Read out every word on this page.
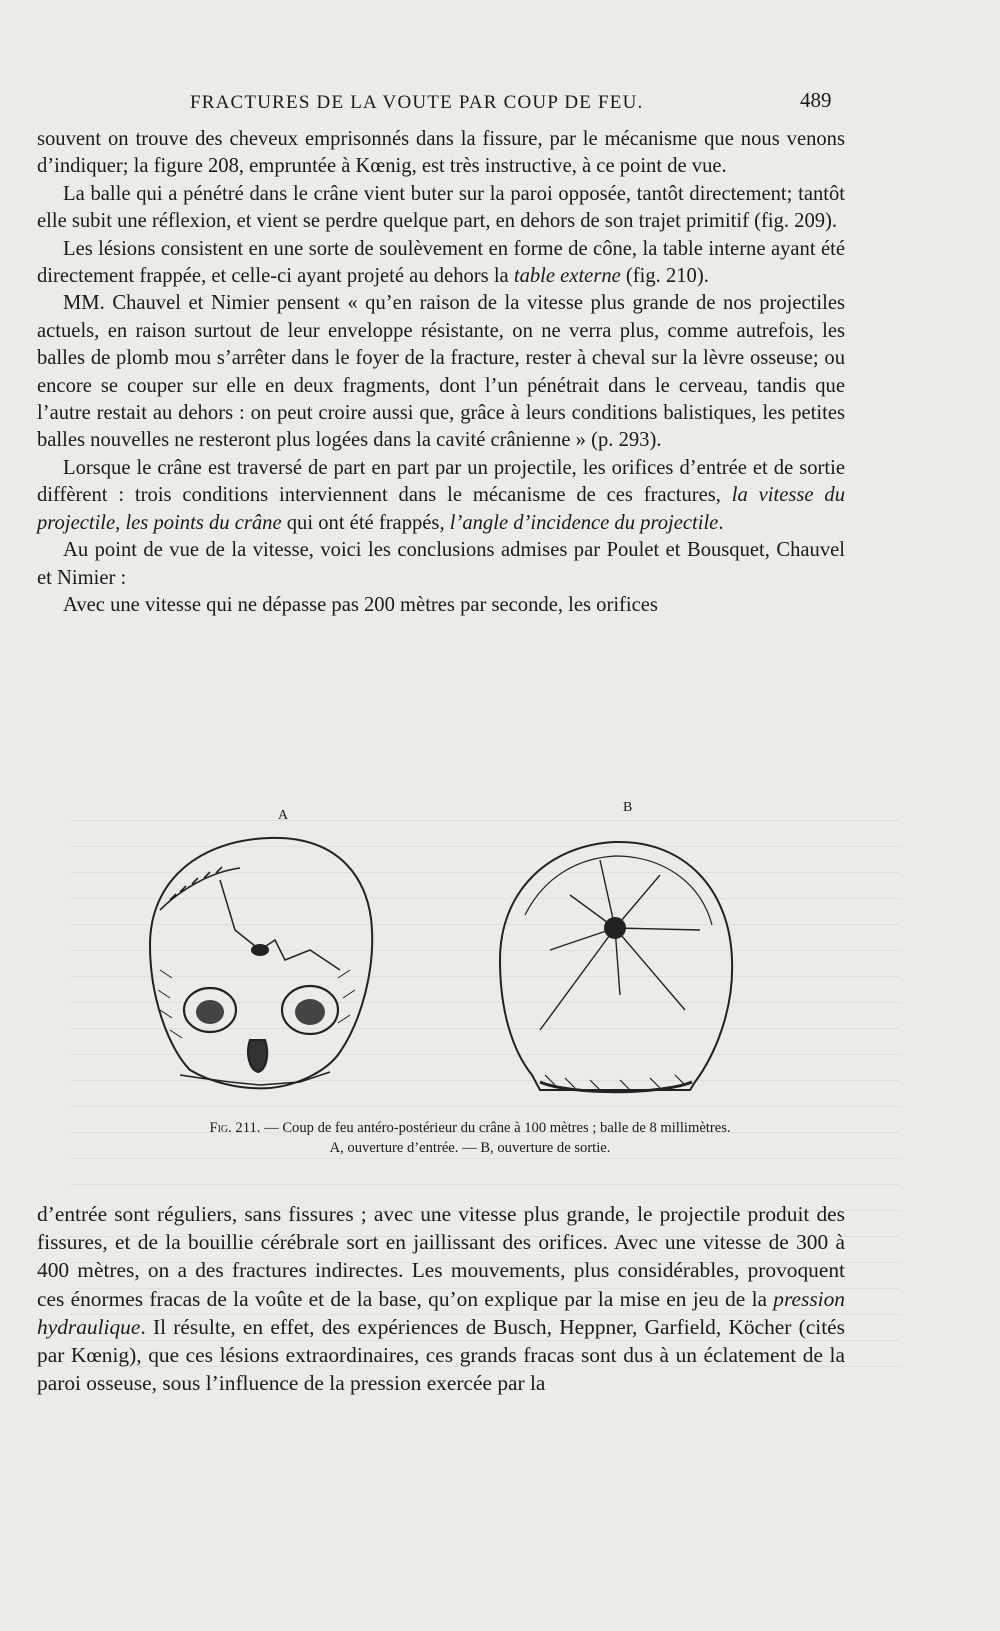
FRACTURES DE LA VOUTE PAR COUP DE FEU.	489

souvent on trouve des cheveux emprisonnés dans la fissure, par le mécanisme que nous venons d’indiquer; la figure 208, empruntée à Kœnig, est très instructive, à ce point de vue.

La balle qui a pénétré dans le crâne vient buter sur la paroi opposée, tantôt directement; tantôt elle subit une réflexion, et vient se perdre quelque part, en dehors de son trajet primitif (fig. 209).

Les lésions consistent en une sorte de soulèvement en forme de cône, la table interne ayant été directement frappée, et celle-ci ayant projeté au dehors la table externe (fig. 210).

MM. Chauvel et Nimier pensent « qu’en raison de la vitesse plus grande de nos projectiles actuels, en raison surtout de leur enveloppe résistante, on ne verra plus, comme autrefois, les balles de plomb mou s’arrêter dans le foyer de la fracture, rester à cheval sur la lèvre osseuse; ou encore se couper sur elle en deux fragments, dont l’un pénétrait dans le cerveau, tandis que l’autre restait au dehors : on peut croire aussi que, grâce à leurs conditions balistiques, les petites balles nouvelles ne resteront plus logées dans la cavité crânienne » (p. 293).

Lorsque le crâne est traversé de part en part par un projectile, les orifices d’entrée et de sortie diffèrent : trois conditions interviennent dans le mécanisme de ces fractures, la vitesse du projectile, les points du crâne qui ont été frappés, l’angle d’incidence du projectile.

Au point de vue de la vitesse, voici les conclusions admises par Poulet et Bousquet, Chauvel et Nimier :

Avec une vitesse qui ne dépasse pas 200 mètres par seconde, les orifices

A
B
Fig. 211. — Coup de feu antéro-postérieur du crâne à 100 mètres ; balle de 8 millimètres.
A, ouverture d’entrée. — B, ouverture de sortie.

d’entrée sont réguliers, sans fissures ; avec une vitesse plus grande, le projectile produit des fissures, et de la bouillie cérébrale sort en jaillissant des orifices. Avec une vitesse de 300 à 400 mètres, on a des fractures indirectes. Les mouvements, plus considérables, provoquent ces énormes fracas de la voûte et de la base, qu’on explique par la mise en jeu de la pression hydraulique. Il résulte, en effet, des expériences de Busch, Heppner, Garfield, Köcher (cités par Kœnig), que ces lésions extraordinaires, ces grands fracas sont dus à un éclatement de la paroi osseuse, sous l’influence de la pression exercée par la
